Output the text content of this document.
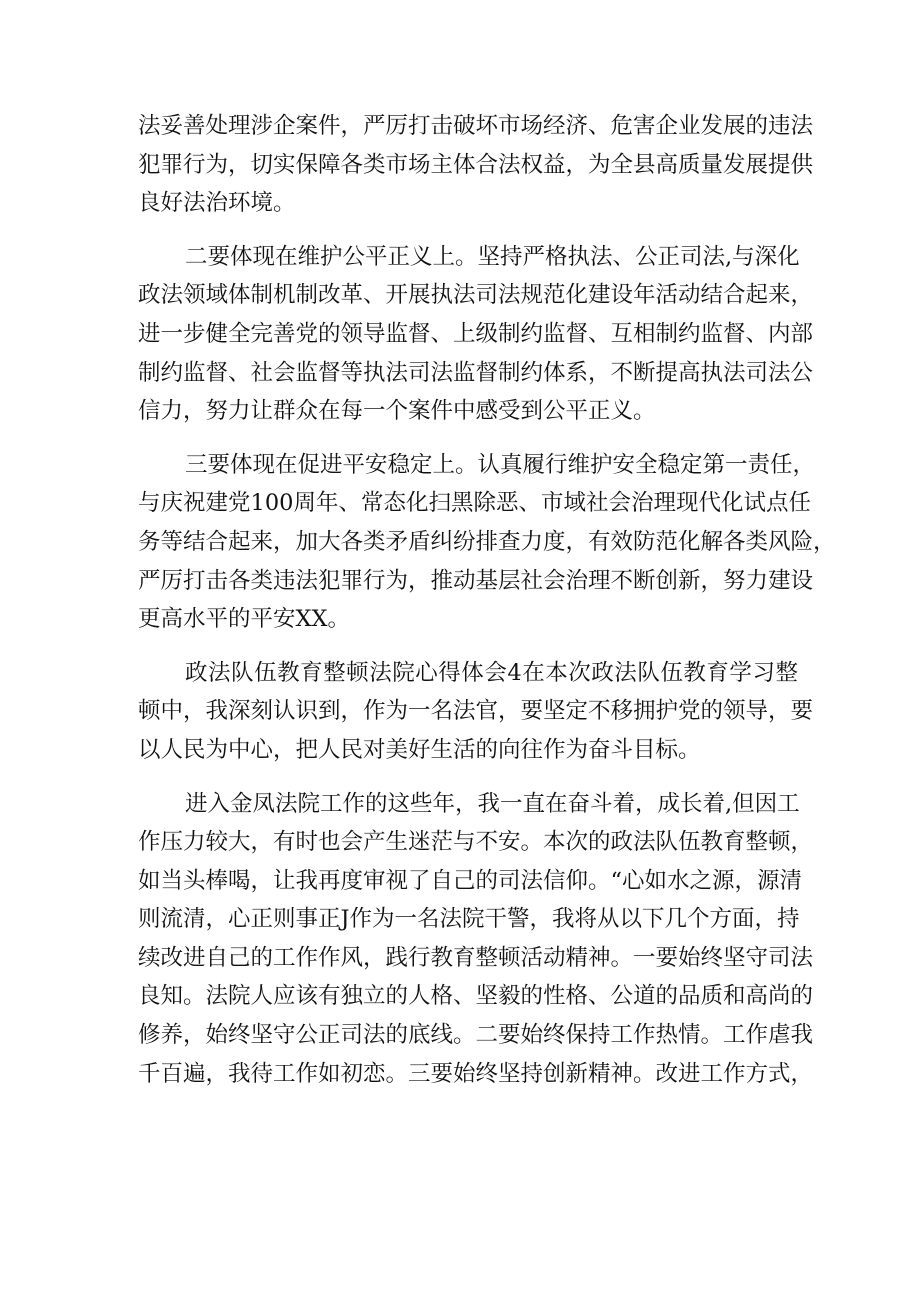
法妥善处理涉企案件，严厉打击破坏市场经济、危害企业发展的违法
犯罪行为，切实保障各类市场主体合法权益，为全县高质量发展提供
良好法治环境。
二要体现在维护公平正义上。坚持严格执法、公正司法,与深化
政法领域体制机制改革、开展执法司法规范化建设年活动结合起来，
进一步健全完善党的领导监督、上级制约监督、互相制约监督、内部
制约监督、社会监督等执法司法监督制约体系，不断提高执法司法公
信力，努力让群众在每一个案件中感受到公平正义。
三要体现在促进平安稳定上。认真履行维护安全稳定第一责任，
与庆祝建党100周年、常态化扫黑除恶、市域社会治理现代化试点任
务等结合起来，加大各类矛盾纠纷排查力度，有效防范化解各类风险，
严厉打击各类违法犯罪行为，推动基层社会治理不断创新，努力建设
更高水平的平安XX。
政法队伍教育整顿法院心得体会4在本次政法队伍教育学习整
顿中，我深刻认识到，作为一名法官，要坚定不移拥护党的领导，要
以人民为中心，把人民对美好生活的向往作为奋斗目标。
进入金凤法院工作的这些年，我一直在奋斗着，成长着,但因工
作压力较大，有时也会产生迷茫与不安。本次的政法队伍教育整顿，
如当头棒喝，让我再度审视了自己的司法信仰。“心如水之源，源清
则流清，心正则事正J作为一名法院干警，我将从以下几个方面，持
续改进自己的工作作风，践行教育整顿活动精神。一要始终坚守司法
良知。法院人应该有独立的人格、坚毅的性格、公道的品质和高尚的
修养，始终坚守公正司法的底线。二要始终保持工作热情。工作虐我
千百遍，我待工作如初恋。三要始终坚持创新精神。改进工作方式，
